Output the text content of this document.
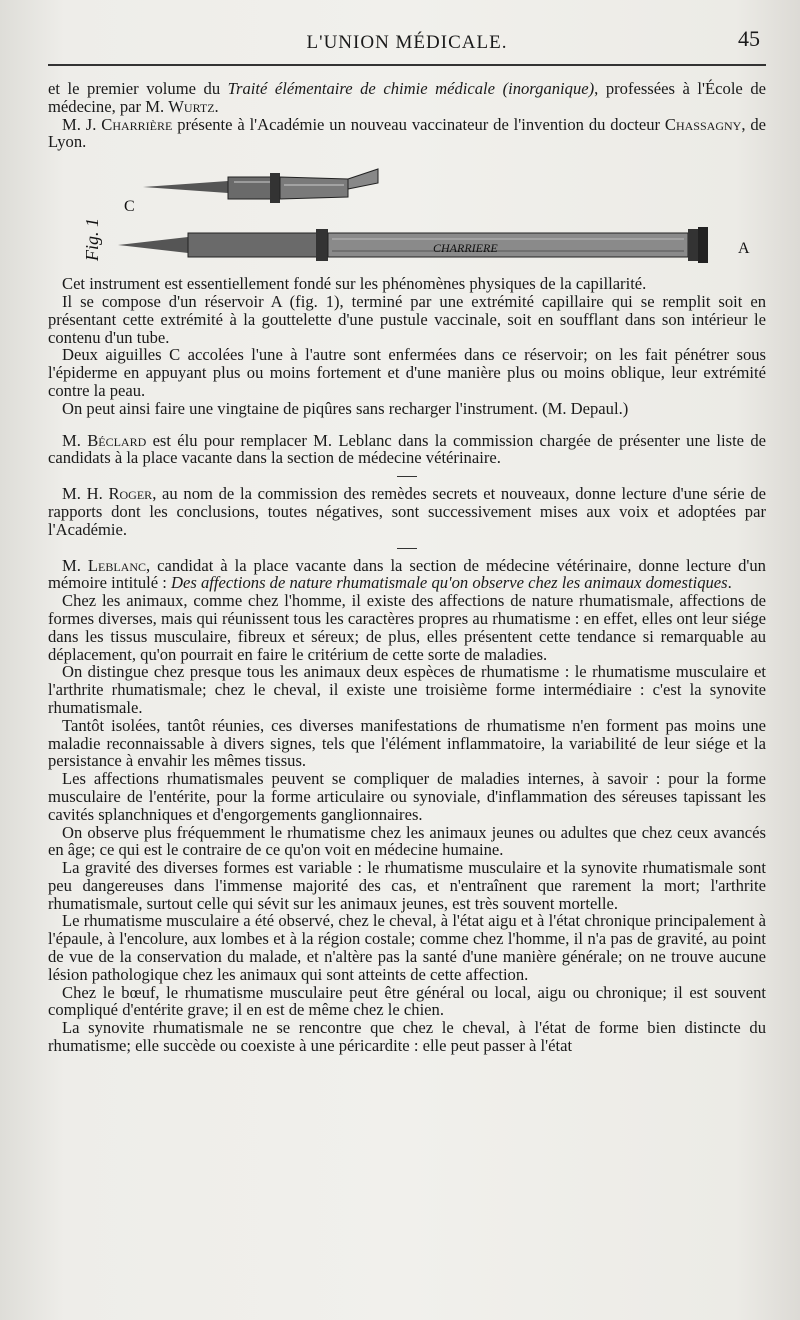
L'UNION MÉDICALE.	45

et le premier volume du Traité élémentaire de chimie médicale (inorganique), professées à l'École de médecine, par M. Wurtz.

M. J. Charrière présente à l'Académie un nouveau vaccinateur de l'invention du docteur Chassagny, de Lyon.

CHARRIERE
Fig. 1
C
A

Cet instrument est essentiellement fondé sur les phénomènes physiques de la capillarité.

Il se compose d'un réservoir A (fig. 1), terminé par une extrémité capillaire qui se remplit soit en présentant cette extrémité à la gouttelette d'une pustule vaccinale, soit en soufflant dans son intérieur le contenu d'un tube.

Deux aiguilles C accolées l'une à l'autre sont enfermées dans ce réservoir; on les fait pénétrer sous l'épiderme en appuyant plus ou moins fortement et d'une manière plus ou moins oblique, leur extrémité contre la peau.

On peut ainsi faire une vingtaine de piqûres sans recharger l'instrument. (M. Depaul.)

M. Béclard est élu pour remplacer M. Leblanc dans la commission chargée de présenter une liste de candidats à la place vacante dans la section de médecine vétérinaire.

M. H. Roger, au nom de la commission des remèdes secrets et nouveaux, donne lecture d'une série de rapports dont les conclusions, toutes négatives, sont successivement mises aux voix et adoptées par l'Académie.

M. Leblanc, candidat à la place vacante dans la section de médecine vétérinaire, donne lecture d'un mémoire intitulé : Des affections de nature rhumatismale qu'on observe chez les animaux domestiques.

Chez les animaux, comme chez l'homme, il existe des affections de nature rhumatismale, affections de formes diverses, mais qui réunissent tous les caractères propres au rhumatisme : en effet, elles ont leur siége dans les tissus musculaire, fibreux et séreux; de plus, elles présentent cette tendance si remarquable au déplacement, qu'on pourrait en faire le critérium de cette sorte de maladies.

On distingue chez presque tous les animaux deux espèces de rhumatisme : le rhumatisme musculaire et l'arthrite rhumatismale; chez le cheval, il existe une troisième forme intermédiaire : c'est la synovite rhumatismale.

Tantôt isolées, tantôt réunies, ces diverses manifestations de rhumatisme n'en forment pas moins une maladie reconnaissable à divers signes, tels que l'élément inflammatoire, la variabilité de leur siége et la persistance à envahir les mêmes tissus.

Les affections rhumatismales peuvent se compliquer de maladies internes, à savoir : pour la forme musculaire de l'entérite, pour la forme articulaire ou synoviale, d'inflammation des séreuses tapissant les cavités splanchniques et d'engorgements ganglionnaires.

On observe plus fréquemment le rhumatisme chez les animaux jeunes ou adultes que chez ceux avancés en âge; ce qui est le contraire de ce qu'on voit en médecine humaine.

La gravité des diverses formes est variable : le rhumatisme musculaire et la synovite rhumatismale sont peu dangereuses dans l'immense majorité des cas, et n'entraînent que rarement la mort; l'arthrite rhumatismale, surtout celle qui sévit sur les animaux jeunes, est très souvent mortelle.

Le rhumatisme musculaire a été observé, chez le cheval, à l'état aigu et à l'état chronique principalement à l'épaule, à l'encolure, aux lombes et à la région costale; comme chez l'homme, il n'a pas de gravité, au point de vue de la conservation du malade, et n'altère pas la santé d'une manière générale; on ne trouve aucune lésion pathologique chez les animaux qui sont atteints de cette affection.

Chez le bœuf, le rhumatisme musculaire peut être général ou local, aigu ou chronique; il est souvent compliqué d'entérite grave; il en est de même chez le chien.

La synovite rhumatismale ne se rencontre que chez le cheval, à l'état de forme bien distincte du rhumatisme; elle succède ou coexiste à une péricardite : elle peut passer à l'état
